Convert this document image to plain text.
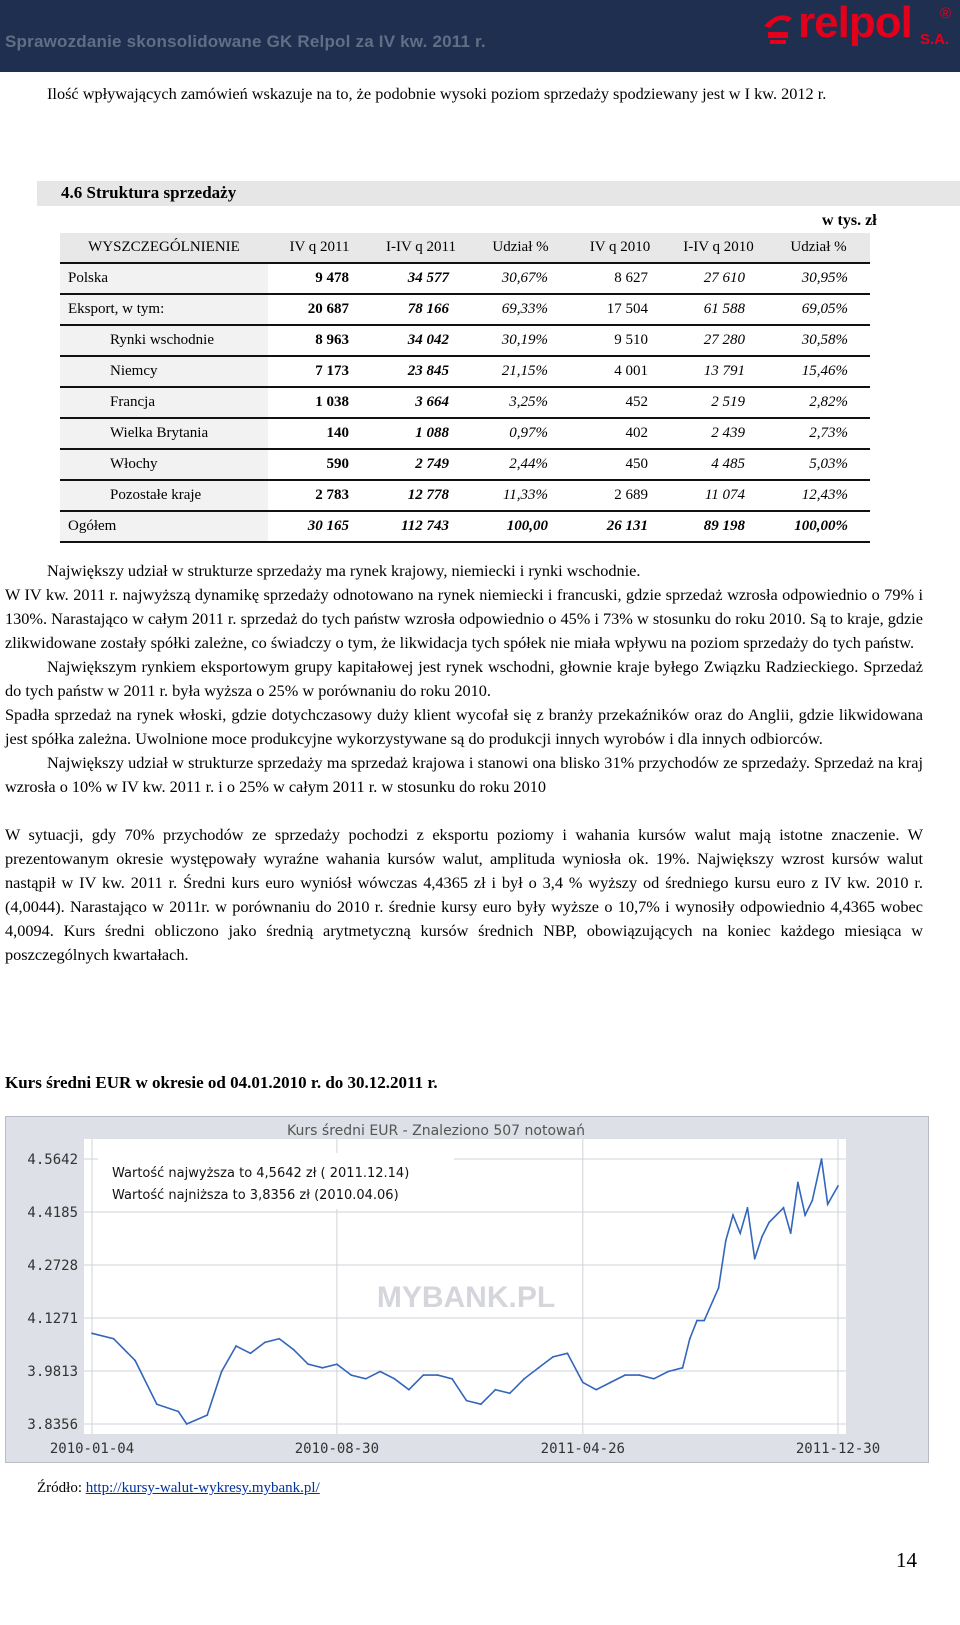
Sprawozdanie skonsolidowane GK Relpol za IV kw. 2011 r.	relpol ®
S.A.
Ilość wpływających zamówień wskazuje na to, że podobnie wysoki poziom sprzedaży spodziewany jest w I kw. 2012 r.
4.6 Struktura sprzedaży
w tys. zł
WYSZCZEGÓLNIENIE	IV q 2011	I-IV q 2011	Udział %	IV q 2010	I-IV q 2010	Udział %
Polska	9 478	34 577	30,67%	8 627	27 610	30,95%
Eksport, w tym:	20 687	78 166	69,33%	17 504	61 588	69,05%
Rynki wschodnie	8 963	34 042	30,19%	9 510	27 280	30,58%
Niemcy	7 173	23 845	21,15%	4 001	13 791	15,46%
Francja	1 038	3 664	3,25%	452	2 519	2,82%
Wielka Brytania	140	1 088	0,97%	402	2 439	2,73%
Włochy	590	2 749	2,44%	450	4 485	5,03%
Pozostałe kraje	2 783	12 778	11,33%	2 689	11 074	12,43%
Ogółem	30 165	112 743	100,00	26 131	89 198	100,00%
Największy udział w strukturze sprzedaży ma rynek krajowy, niemiecki i rynki wschodnie.
W IV kw. 2011 r. najwyższą dynamikę sprzedaży odnotowano na rynek niemiecki i francuski, gdzie sprzedaż wzrosła odpowiednio o 79% i 130%. Narastająco w całym 2011 r. sprzedaż do tych państw wzrosła odpowiednio o 45% i 73% w stosunku do roku 2010. Są to kraje, gdzie zlikwidowane zostały spółki zależne, co świadczy o tym, że likwidacja tych spółek nie miała wpływu na poziom sprzedaży do tych państw.
Największym rynkiem eksportowym grupy kapitałowej jest rynek wschodni, głownie kraje byłego Związku Radzieckiego. Sprzedaż do tych państw w 2011 r. była wyższa o 25% w porównaniu do roku 2010.
Spadła sprzedaż na rynek włoski, gdzie dotychczasowy duży klient wycofał się z branży przekaźników oraz do Anglii, gdzie likwidowana jest spółka zależna. Uwolnione moce produkcyjne wykorzystywane są do produkcji innych wyrobów i dla innych odbiorców.
Największy udział w strukturze sprzedaży ma sprzedaż krajowa i stanowi ona blisko 31% przychodów ze sprzedaży. Sprzedaż na kraj wzrosła o 10% w IV kw. 2011 r. i o 25% w całym 2011 r. w stosunku do roku 2010
W sytuacji, gdy 70% przychodów ze sprzedaży pochodzi z eksportu poziomy i wahania kursów walut mają istotne znaczenie. W prezentowanym okresie występowały wyraźne wahania kursów walut, amplituda wyniosła ok. 19%. Największy wzrost kursów walut nastąpił w IV kw. 2011 r. Średni kurs euro wyniósł wówczas 4,4365 zł i był o 3,4 % wyższy od średniego kursu euro z IV kw. 2010 r. (4,0044). Narastająco w 2011r. w porównaniu do 2010 r. średnie kursy euro były wyższe o 10,7% i wynosiły odpowiednio 4,4365 wobec 4,0094. Kurs średni obliczono jako średnią arytmetyczną kursów średnich NBP, obowiązujących na koniec każdego miesiąca w poszczególnych kwartałach.
Kurs średni EUR w okresie od 04.01.2010 r. do 30.12.2011 r.
MYBANK.PL
Kurs średni EUR - Znaleziono 507 notowań
4.5642
4.4185
4.2728
4.1271
3.9813
3.8356
2010-01-04	2010-08-30	2011-04-26	2011-12-30
Wartość najwyższa to 4,5642 zł ( 2011.12.14)
Wartość najniższa to 3,8356 zł (2010.04.06)
Źródło: http://kursy-walut-wykresy.mybank.pl/
14
